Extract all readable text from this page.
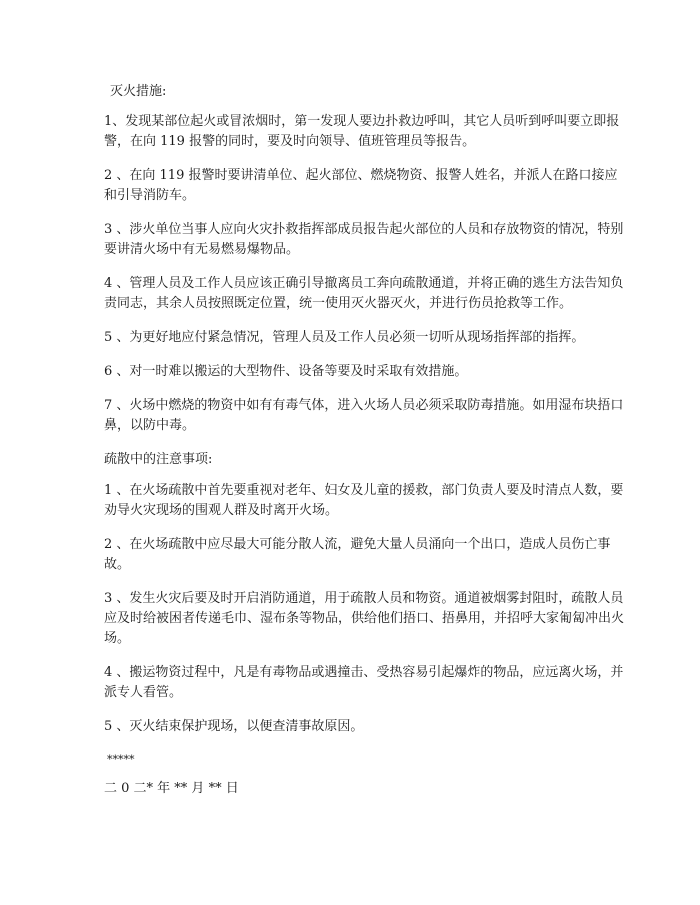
灭火措施:

1、发现某部位起火或冒浓烟时，第一发现人要边扑救边呼叫，其它人员听到呼叫要立即报警，在向 119 报警的同时，要及时向领导、值班管理员等报告。

2 、在向 119 报警时要讲清单位、起火部位、燃烧物资、报警人姓名，并派人在路口接应和引导消防车。

3 、涉火单位当事人应向火灾扑救指挥部成员报告起火部位的人员和存放物资的情况，特别要讲清火场中有无易燃易爆物品。

4 、管理人员及工作人员应该正确引导撤离员工奔向疏散通道，并将正确的逃生方法告知负责同志，其余人员按照既定位置，统一使用灭火器灭火，并进行伤员抢救等工作。

5 、为更好地应付紧急情况，管理人员及工作人员必须一切听从现场指挥部的指挥。

6 、对一时难以搬运的大型物件、设备等要及时采取有效措施。

7 、火场中燃烧的物资中如有有毒气体，进入火场人员必须采取防毒措施。如用湿布块捂口鼻，以防中毒。

疏散中的注意事项:

1 、在火场疏散中首先要重视对老年、妇女及儿童的援救，部门负责人要及时清点人数，要劝导火灾现场的围观人群及时离开火场。

2 、在火场疏散中应尽最大可能分散人流，避免大量人员涌向一个出口，造成人员伤亡事故。

3 、发生火灾后要及时开启消防通道，用于疏散人员和物资。通道被烟雾封阻时，疏散人员应及时给被困者传递毛巾、湿布条等物品，供给他们捂口、捂鼻用，并招呼大家匍匐冲出火场。

4 、搬运物资过程中，凡是有毒物品或遇撞击、受热容易引起爆炸的物品，应远离火场，并派专人看管。

5 、灭火结束保护现场，以便查清事故原因。

*****

二 0 二* 年 ** 月 ** 日
